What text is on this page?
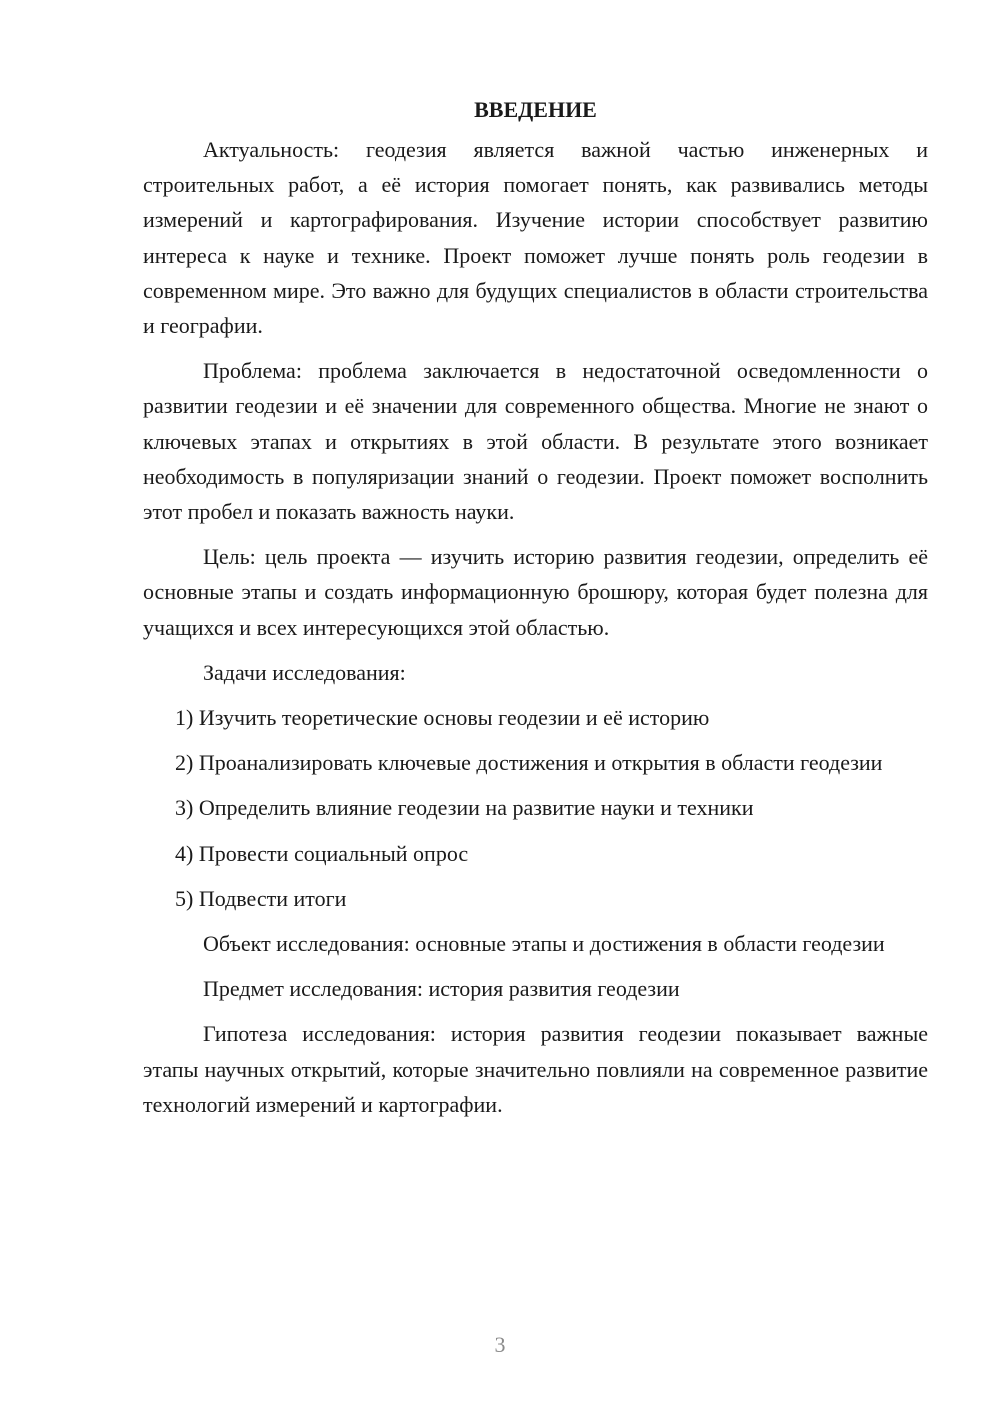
ВВЕДЕНИЕ

Актуальность: геодезия является важной частью инженерных и строительных работ, а её история помогает понять, как развивались методы измерений и картографирования. Изучение истории способствует развитию интереса к науке и технике. Проект поможет лучше понять роль геодезии в современном мире. Это важно для будущих специалистов в области строительства и географии.

Проблема: проблема заключается в недостаточной осведомленности о развитии геодезии и её значении для современного общества. Многие не знают о ключевых этапах и открытиях в этой области. В результате этого возникает необходимость в популяризации знаний о геодезии. Проект поможет восполнить этот пробел и показать важность науки.

Цель: цель проекта — изучить историю развития геодезии, определить её основные этапы и создать информационную брошюру, которая будет полезна для учащихся и всех интересующихся этой областью.

Задачи исследования:

1) Изучить теоретические основы геодезии и её историю

2) Проанализировать ключевые достижения и открытия в области геодезии

3) Определить влияние геодезии на развитие науки и техники

4) Провести социальный опрос

5) Подвести итоги

Объект исследования: основные этапы и достижения в области геодезии

Предмет исследования: история развития геодезии

Гипотеза исследования: история развития геодезии показывает важные этапы научных открытий, которые значительно повлияли на современное развитие технологий измерений и картографии.

3
